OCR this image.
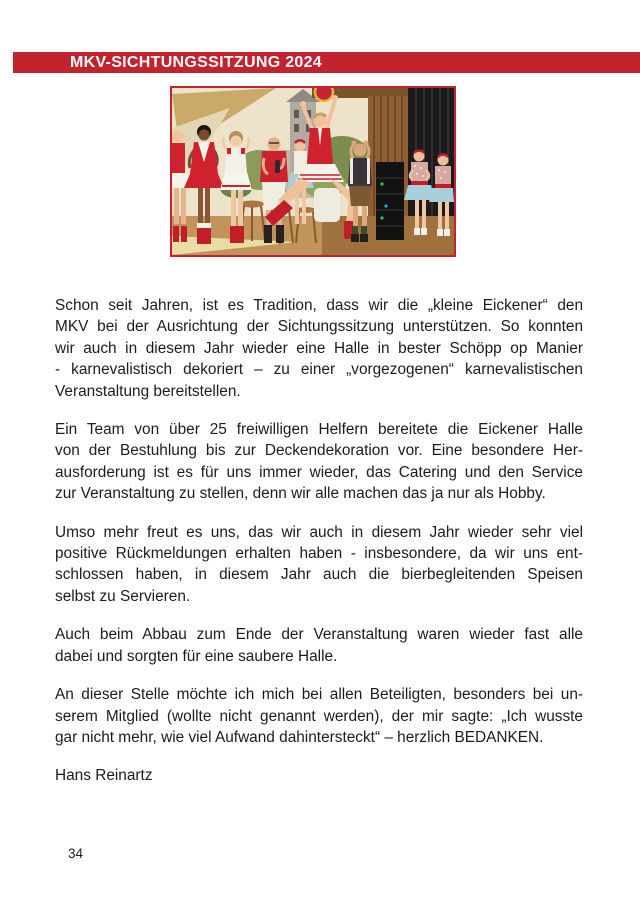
MKV-SICHTUNGSSITZUNG 2024
Schon seit Jahren, ist es Tradition, dass wir die „kleine Eickener“ den
MKV bei der Ausrichtung der Sichtungssitzung unterstützen. So konnten
wir auch in diesem Jahr wieder eine Halle in bester Schöpp op Manier
- karnevalistisch dekoriert – zu einer „vorgezogenen“ karnevalistischen
Veranstaltung bereitstellen.
Ein Team von über 25 freiwilligen Helfern bereitete die Eickener Halle
von der Bestuhlung bis zur Deckendekoration vor. Eine besondere Her-
ausforderung ist es für uns immer wieder, das Catering und den Service
zur Veranstaltung zu stellen, denn wir alle machen das ja nur als Hobby.
Umso mehr freut es uns, das wir auch in diesem Jahr wieder sehr viel
positive Rückmeldungen erhalten haben - insbesondere, da wir uns ent-
schlossen haben, in diesem Jahr auch die bierbegleitenden Speisen
selbst zu Servieren.
Auch beim Abbau zum Ende der Veranstaltung waren wieder fast alle
dabei und sorgten für eine saubere Halle.
An dieser Stelle möchte ich mich bei allen Beteiligten, besonders bei un-
serem Mitglied (wollte nicht genannt werden), der mir sagte: „Ich wusste
gar nicht mehr, wie viel Aufwand dahintersteckt“ – herzlich BEDANKEN.
Hans Reinartz
34
